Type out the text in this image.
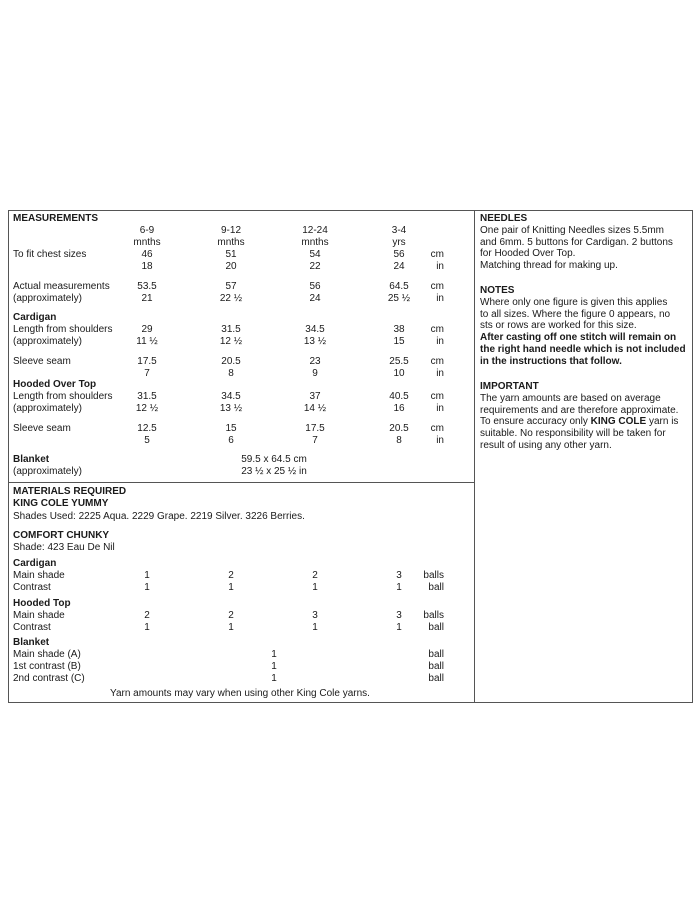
MEASUREMENTS
6-9	9-12	12-24	3-4
mnths	mnths	mnths	yrs
To fit chest sizes	46	51	54	56	cm
18	20	22	24	in
Actual measurements	53.5	57	56	64.5 cm
(approximately)	21	22 ½	24	25 ½	in
Cardigan
Length from shoulders	29	31.5	34.5	38	cm
(approximately)	11 ½	12 ½	13 ½	15	in
Sleeve seam	17.5	20.5	23	25.5 cm
7	8	9	10	in
Hooded Over Top
Length from shoulders 31.5	34.5	37	40.5 cm
(approximately)	12 ½	13 ½	14 ½	16	in
Sleeve seam	12.5	15	17.5	20.5 cm
5	6	7	8	in
Blanket	59.5 x 64.5 cm
(approximately)	23 ½ x 25 ½ in
MATERIALS REQUIRED
KING COLE YUMMY
Shades Used: 2225 Aqua. 2229 Grape. 2219 Silver. 3226 Berries.
COMFORT CHUNKY
Shade: 423 Eau De Nil
Cardigan
Main shade	1	2	2	3 balls
Contrast	1	1	1	1	ball
Hooded Top
Main shade	2	2	3	3 balls
Contrast	1	1	1	1	ball
Blanket
Main shade (A)	1	ball
1st contrast (B)	1	ball
2nd contrast (C)	1	ball
Yarn amounts may vary when using other King Cole yarns.
NEEDLES
One pair of Knitting Needles sizes 5.5mm
and 6mm. 5 buttons for Cardigan. 2 buttons
for Hooded Over Top.
Matching thread for making up.
NOTES
Where only one figure is given this applies
to all sizes. Where the figure 0 appears, no
sts or rows are worked for this size.
After casting off one stitch will remain on
the right hand needle which is not included
in the instructions that follow.
IMPORTANT
The yarn amounts are based on average
requirements and are therefore approximate.
To ensure accuracy only KING COLE yarn is
suitable. No responsibility will be taken for
result of using any other yarn.
